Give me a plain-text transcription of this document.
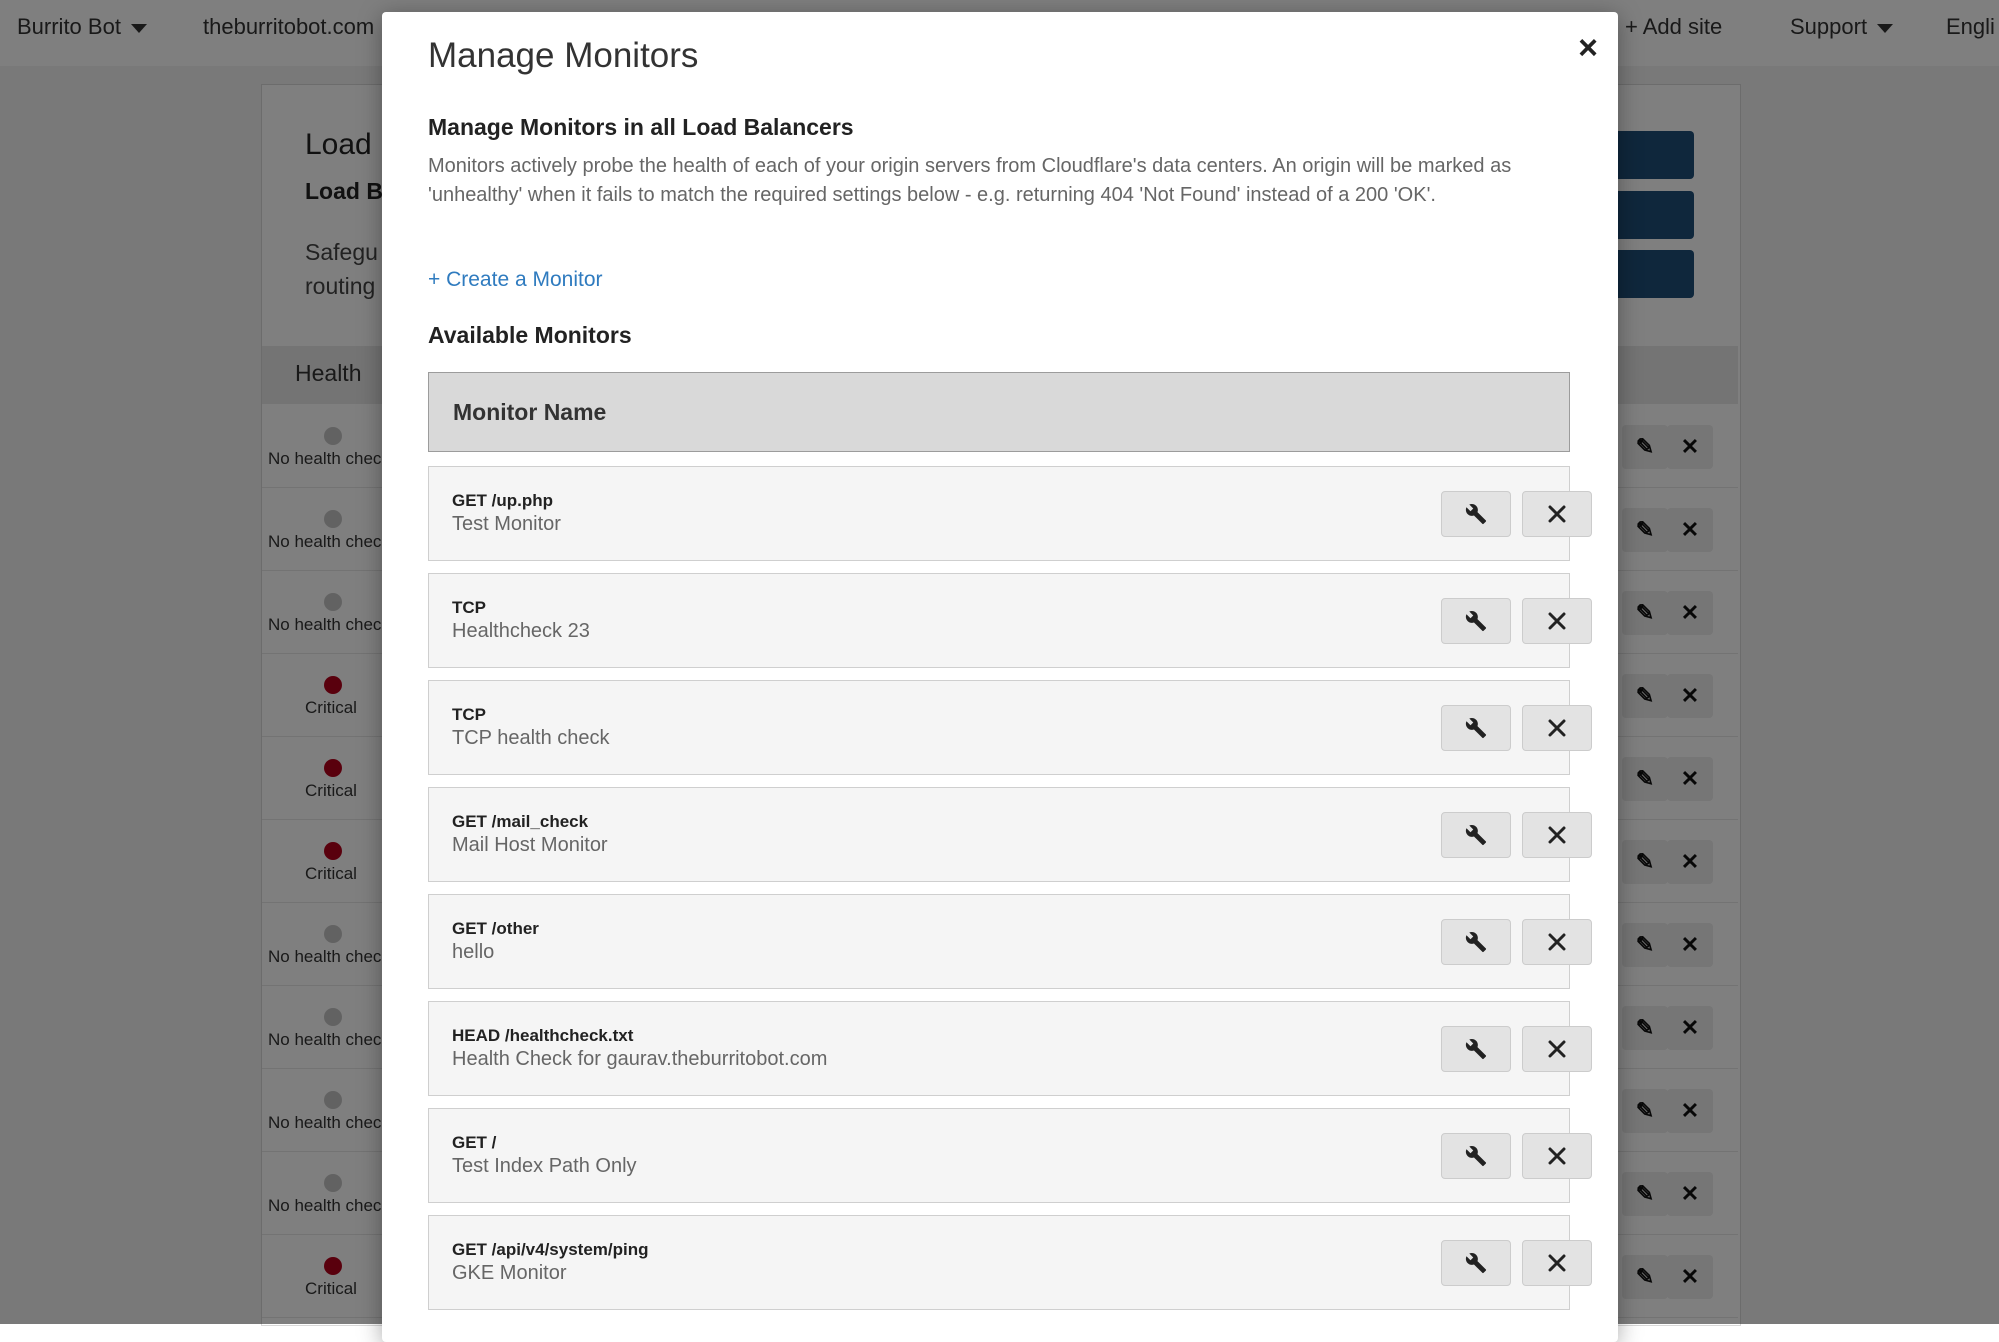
Manage Monitors	×
Manage Monitors in all Load Balancers
Monitors actively probe the health of each of your origin servers from Cloudflare's data centers. An origin will be marked as 'unhealthy' when it fails to match the required settings below - e.g. returning 404 'Not Found' instead of a 200 'OK'.
+ Create a Monitor
Available Monitors
Monitor Name
GET /up.php
Test Monitor
TCP
Healthcheck 23
TCP
TCP health check
GET /mail_check
Mail Host Monitor
GET /other
hello
HEAD /healthcheck.txt
Health Check for gaurav.theburritobot.com
GET /
Test Index Path Only
GET /api/v4/system/ping
GKE Monitor
